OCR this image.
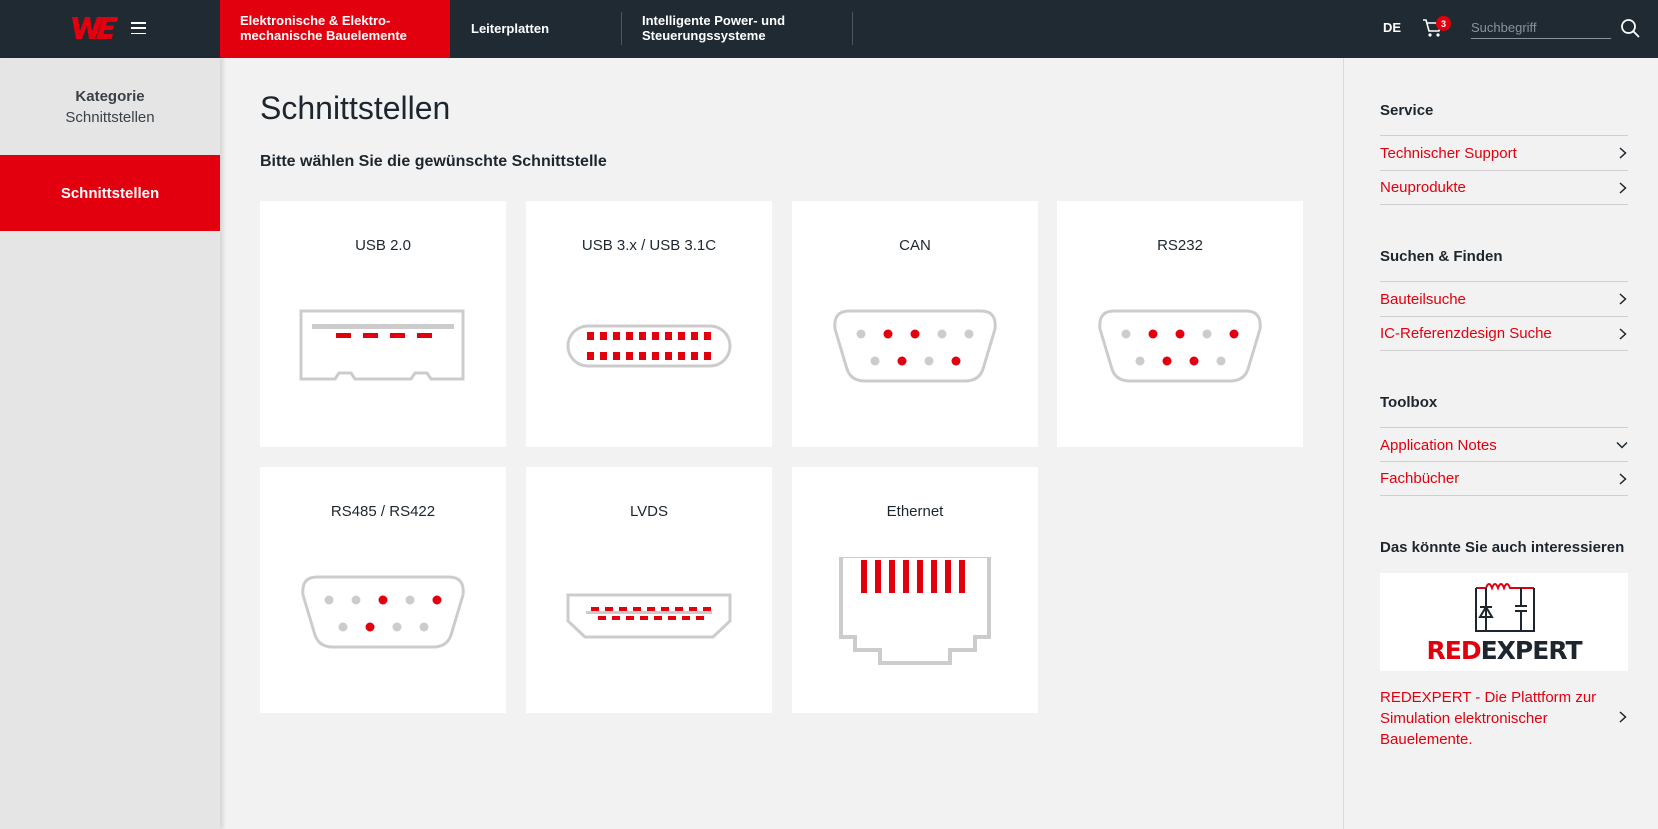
Elektronische & Elektro-
mechanische Bauelemente	Leiterplatten	Intelligente Power- und
Steuerungssysteme
DE	3
Suchbegriff
Kategorie
Schnittstellen
Schnittstellen
Schnittstellen
Bitte wählen Sie die gewünschte Schnittstelle
USB 2.0	USB 3.x / USB 3.1C	CAN	RS232
RS485 / RS422	LVDS	Ethernet
Service
Technischer Support
Neuprodukte
Suchen & Finden
Bauteilsuche
IC-Referenzdesign Suche
Toolbox
Application Notes
Fachbücher
Das könnte Sie auch interessieren
REDEXPERT
REDEXPERT - Die Plattform zur Simulation elektronischer Bauelemente.
